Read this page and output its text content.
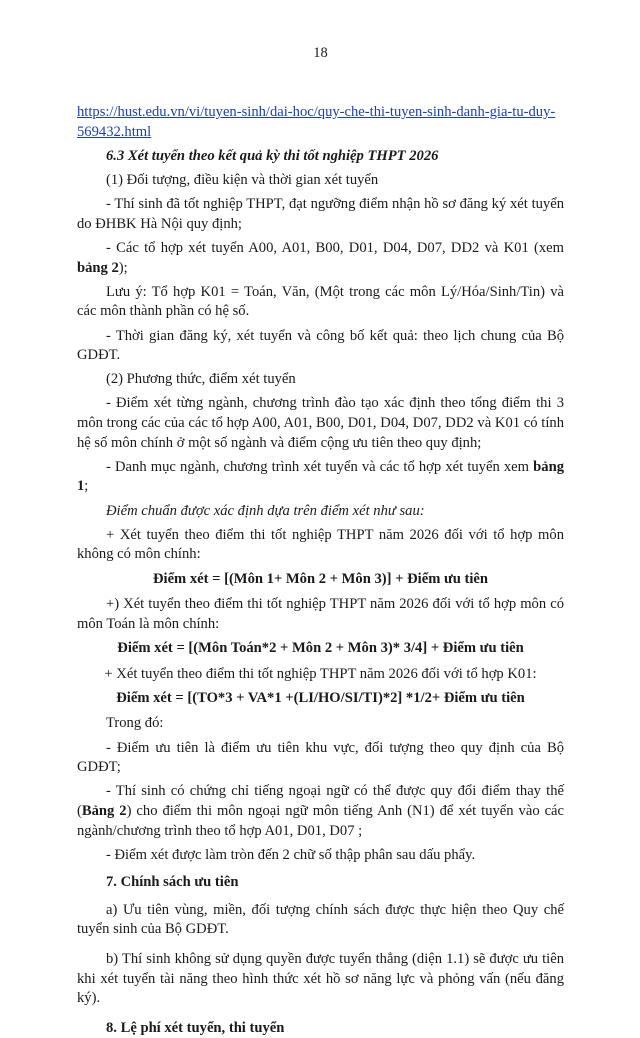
18

https://hust.edu.vn/vi/tuyen-sinh/dai-hoc/quy-che-thi-tuyen-sinh-danh-gia-tu-duy-569432.html

6.3 Xét tuyển theo kết quả kỳ thi tốt nghiệp THPT 2026

(1) Đối tượng, điều kiện và thời gian xét tuyển

- Thí sinh đã tốt nghiệp THPT, đạt ngưỡng điểm nhận hồ sơ đăng ký xét tuyển do ĐHBK Hà Nội quy định;

- Các tổ hợp xét tuyển A00, A01, B00, D01, D04, D07, DD2 và K01 (xem bảng 2);

Lưu ý: Tổ hợp K01 = Toán, Văn, (Một trong các môn Lý/Hóa/Sinh/Tin) và các môn thành phần có hệ số.

- Thời gian đăng ký, xét tuyển và công bố kết quả: theo lịch chung của Bộ GDĐT.

(2) Phương thức, điểm xét tuyển

- Điểm xét từng ngành, chương trình đào tạo xác định theo tổng điểm thi 3 môn trong các của các tổ hợp A00, A01, B00, D01, D04, D07, DD2 và K01 có tính hệ số môn chính ở một số ngành và điểm cộng ưu tiên theo quy định;

- Danh mục ngành, chương trình xét tuyển và các tổ hợp xét tuyển xem bảng 1;

Điểm chuẩn được xác định dựa trên điểm xét như sau:

+ Xét tuyển theo điểm thi tốt nghiệp THPT năm 2026 đối với tổ hợp môn không có môn chính:

Điểm xét = [(Môn 1+ Môn 2 + Môn 3)] + Điểm ưu tiên

+) Xét tuyển theo điểm thi tốt nghiệp THPT năm 2026 đối với tổ hợp môn có môn Toán là môn chính:

Điểm xét = [(Môn Toán*2 + Môn 2 + Môn 3)* 3/4] + Điểm ưu tiên

+ Xét tuyển theo điểm thi tốt nghiệp THPT năm 2026 đối với tổ hợp K01:

Điểm xét = [(TO*3 + VA*1 +(LI/HO/SI/TI)*2] *1/2+ Điểm ưu tiên

Trong đó:

- Điểm ưu tiên là điểm ưu tiên khu vực, đối tượng theo quy định của Bộ GDĐT;

- Thí sinh có chứng chỉ tiếng ngoại ngữ có thể được quy đổi điểm thay thế (Bảng 2) cho điểm thi môn ngoại ngữ môn tiếng Anh (N1) để xét tuyển vào các ngành/chương trình theo tổ hợp A01, D01, D07 ;

- Điểm xét được làm tròn đến 2 chữ số thập phân sau dấu phẩy.

7. Chính sách ưu tiên

a) Ưu tiên vùng, miền, đối tượng chính sách được thực hiện theo Quy chế tuyển sinh của Bộ GDĐT.

b) Thí sinh không sử dụng quyền được tuyển thẳng (diện 1.1) sẽ được ưu tiên khi xét tuyển tài năng theo hình thức xét hồ sơ năng lực và phỏng vấn (nếu đăng ký).

8. Lệ phí xét tuyển, thi tuyển
